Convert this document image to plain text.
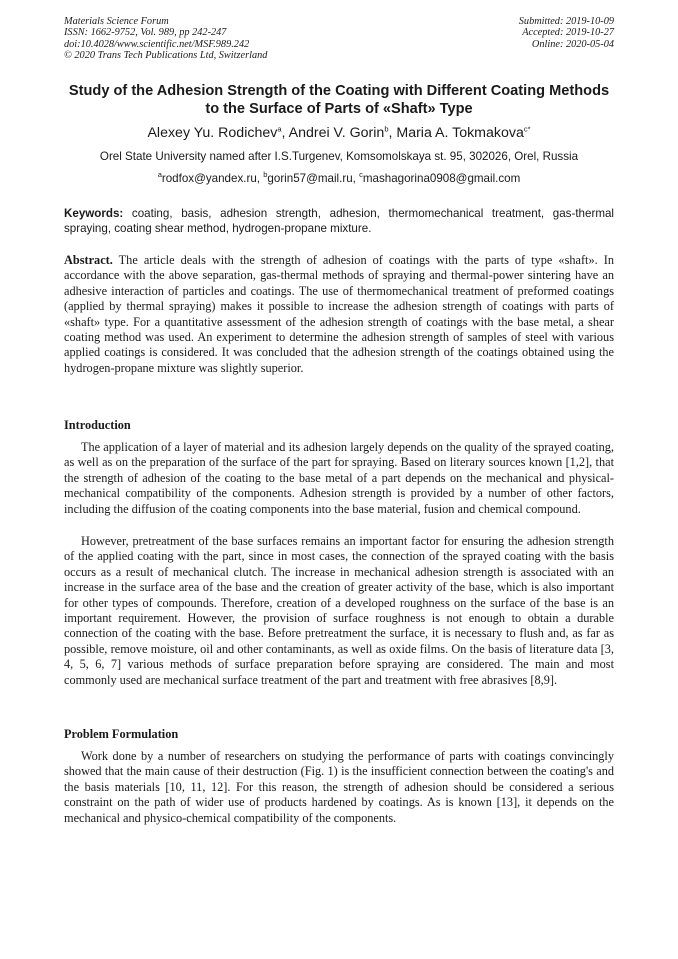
Materials Science Forum
ISSN: 1662-9752, Vol. 989, pp 242-247
doi:10.4028/www.scientific.net/MSF.989.242
© 2020 Trans Tech Publications Ltd, Switzerland
Submitted: 2019-10-09
Accepted: 2019-10-27
Online: 2020-05-04
Study of the Adhesion Strength of the Coating with Different Coating Methods to the Surface of Parts of «Shaft» Type
Alexey Yu. Rodichev$^a$, Andrei V. Gorin$^b$, Maria A. Tokmakova$^{c*}$
Orel State University named after I.S.Turgenev, Komsomolskaya st. 95, 302026, Orel, Russia
$^a$rodfox@yandex.ru, $^b$gorin57@mail.ru, $^c$mashagorina0908@gmail.com
Keywords: coating, basis, adhesion strength, adhesion, thermomechanical treatment, gas-thermal spraying, coating shear method, hydrogen-propane mixture.
Abstract. The article deals with the strength of adhesion of coatings with the parts of type «shaft». In accordance with the above separation, gas-thermal methods of spraying and thermal-power sintering have an adhesive interaction of particles and coatings. The use of thermomechanical treatment of preformed coatings (applied by thermal spraying) makes it possible to increase the adhesion strength of coatings with parts of «shaft» type. For a quantitative assessment of the adhesion strength of coatings with the base metal, a shear coating method was used. An experiment to determine the adhesion strength of samples of steel with various applied coatings is considered. It was concluded that the adhesion strength of the coatings obtained using the hydrogen-propane mixture was slightly superior.
Introduction
The application of a layer of material and its adhesion largely depends on the quality of the sprayed coating, as well as on the preparation of the surface of the part for spraying. Based on literary sources known [1,2], that the strength of adhesion of the coating to the base metal of a part depends on the mechanical and physical-mechanical compatibility of the components. Adhesion strength is provided by a number of other factors, including the diffusion of the coating components into the base material, fusion and chemical compound.
However, pretreatment of the base surfaces remains an important factor for ensuring the adhesion strength of the applied coating with the part, since in most cases, the connection of the sprayed coating with the basis occurs as a result of mechanical clutch. The increase in mechanical adhesion strength is associated with an increase in the surface area of the base and the creation of greater activity of the base, which is also important for other types of compounds. Therefore, creation of a developed roughness on the surface of the base is an important requirement. However, the provision of surface roughness is not enough to obtain a durable connection of the coating with the base. Before pretreatment the surface, it is necessary to flush and, as far as possible, remove moisture, oil and other contaminants, as well as oxide films. On the basis of literature data [3, 4, 5, 6, 7] various methods of surface preparation before spraying are considered. The main and most commonly used are mechanical surface treatment of the part and treatment with free abrasives [8,9].
Problem Formulation
Work done by a number of researchers on studying the performance of parts with coatings convincingly showed that the main cause of their destruction (Fig. 1) is the insufficient connection between the coating's and the basis materials [10, 11, 12]. For this reason, the strength of adhesion should be considered a serious constraint on the path of wider use of products hardened by coatings. As is known [13], it depends on the mechanical and physico-chemical compatibility of the components.
